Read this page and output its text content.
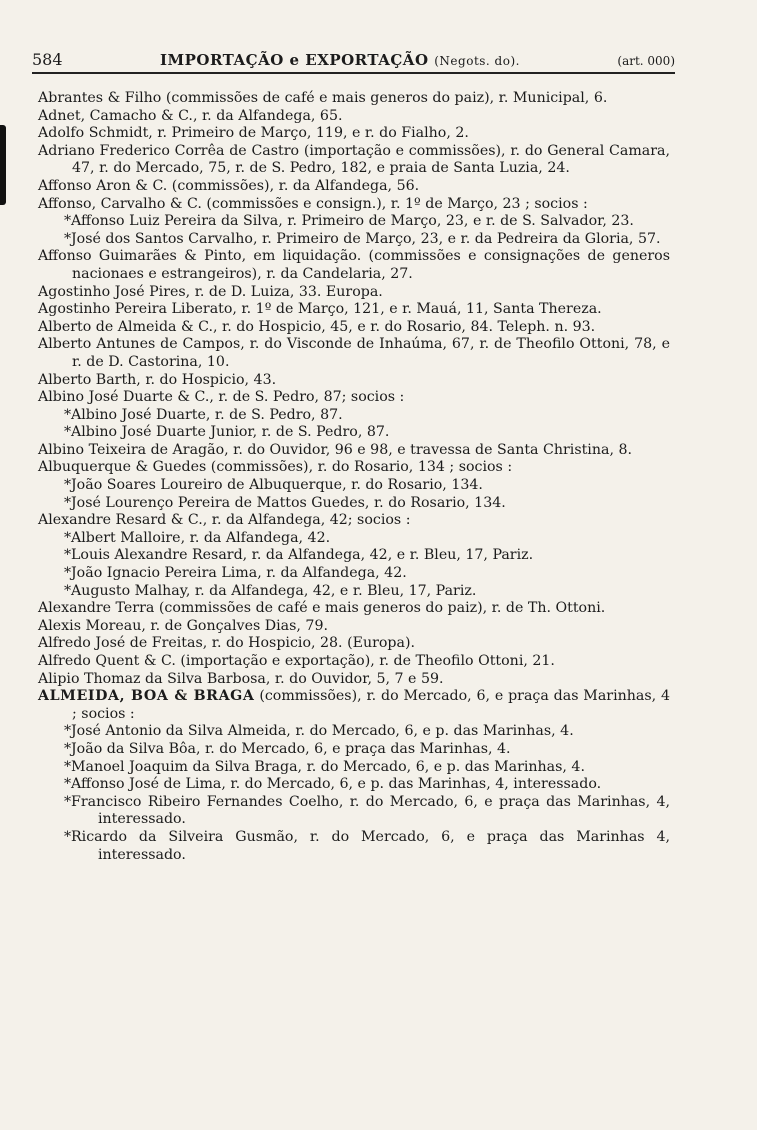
584	IMPORTAÇÃO e EXPORTAÇÃO (Negots. do).	(art. 000)
Abrantes & Filho (commissões de café e mais generos do paiz), r. Municipal, 6.
Adnet, Camacho & C., r. da Alfandega, 65.
Adolfo Schmidt, r. Primeiro de Março, 119, e r. do Fialho, 2.
Adriano Frederico Corrêa de Castro (importação e commissões), r. do General Camara, 47, r. do Mercado, 75, r. de S. Pedro, 182, e praia de Santa Luzia, 24.
Affonso Aron & C. (commissões), r. da Alfandega, 56.
Affonso, Carvalho & C. (commissões e consign.), r. 1º de Março, 23 ; socios :
* Affonso Luiz Pereira da Silva, r. Primeiro de Março, 23, e r. de S. Salvador, 23.
* José dos Santos Carvalho, r. Primeiro de Março, 23, e r. da Pedreira da Gloria, 57.
Affonso Guimarães & Pinto, em liquidação. (commissões e consignações de generos nacionaes e estrangeiros), r. da Candelaria, 27.
Agostinho José Pires, r. de D. Luiza, 33. Europa.
Agostinho Pereira Liberato, r. 1º de Março, 121, e r. Mauá, 11, Santa Thereza.
Alberto de Almeida & C., r. do Hospicio, 45, e r. do Rosario, 84. Teleph. n. 93.
Alberto Antunes de Campos, r. do Visconde de Inhaúma, 67, r. de Theofilo Ottoni, 78, e r. de D. Castorina, 10.
Alberto Barth, r. do Hospicio, 43.
Albino José Duarte & C., r. de S. Pedro, 87; socios :
* Albino José Duarte, r. de S. Pedro, 87.
* Albino José Duarte Junior, r. de S. Pedro, 87.
Albino Teixeira de Aragão, r. do Ouvidor, 96 e 98, e travessa de Santa Christina, 8.
Albuquerque & Guedes (commissões), r. do Rosario, 134 ; socios :
* João Soares Loureiro de Albuquerque, r. do Rosario, 134.
* José Lourenço Pereira de Mattos Guedes, r. do Rosario, 134.
Alexandre Resard & C., r. da Alfandega, 42; socios :
* Albert Malloire, r. da Alfandega, 42.
* Louis Alexandre Resard, r. da Alfandega, 42, e r. Bleu, 17, Pariz.
* João Ignacio Pereira Lima, r. da Alfandega, 42.
* Augusto Malhay, r. da Alfandega, 42, e r. Bleu, 17, Pariz.
Alexandre Terra (commissões de café e mais generos do paiz), r. de Th. Ottoni.
Alexis Moreau, r. de Gonçalves Dias, 79.
Alfredo José de Freitas, r. do Hospicio, 28. (Europa).
Alfredo Quent & C. (importação e exportação), r. de Theofilo Ottoni, 21.
Alipio Thomaz da Silva Barbosa, r. do Ouvidor, 5, 7 e 59.
ALMEIDA, BOA & BRAGA (commissões), r. do Mercado, 6, e praça das Marinhas, 4 ; socios :
* José Antonio da Silva Almeida, r. do Mercado, 6, e p. das Marinhas, 4.
* João da Silva Bôa, r. do Mercado, 6, e praça das Marinhas, 4.
* Manoel Joaquim da Silva Braga, r. do Mercado, 6, e p. das Marinhas, 4.
* Affonso José de Lima, r. do Mercado, 6, e p. das Marinhas, 4, interessado.
* Francisco Ribeiro Fernandes Coelho, r. do Mercado, 6, e praça das Marinhas, 4, interessado.
* Ricardo da Silveira Gusmão, r. do Mercado, 6, e praça das Marinhas 4, interessado.
